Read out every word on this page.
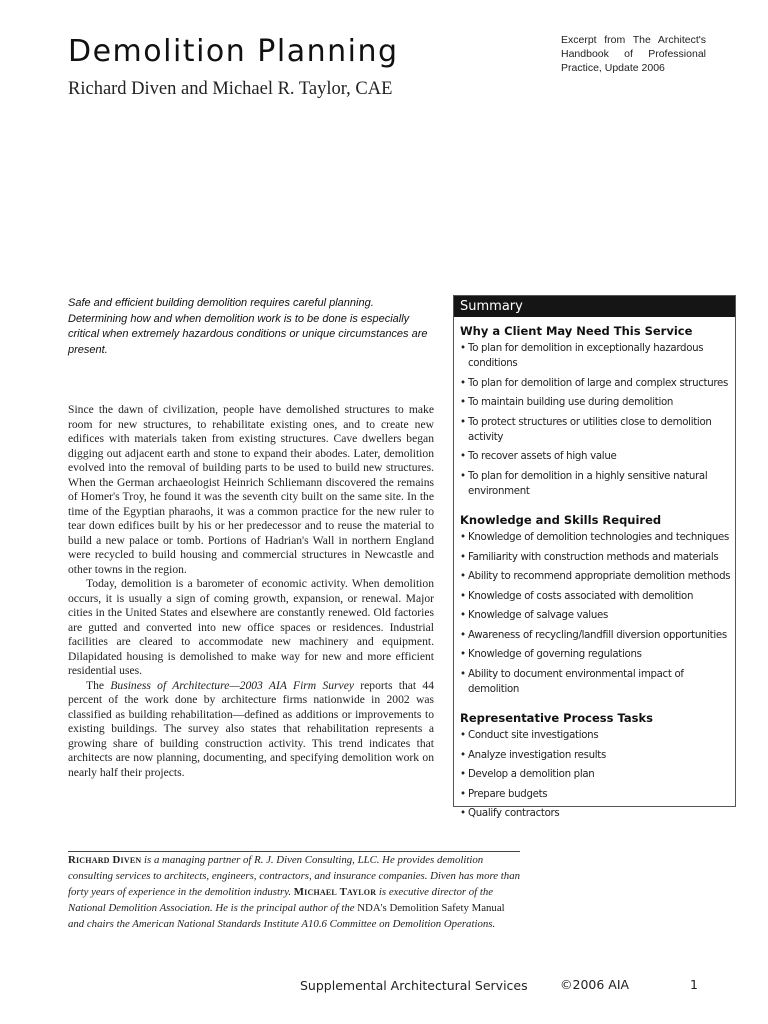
Demolition Planning
Richard Diven and Michael R. Taylor, CAE
Excerpt from The Architect's Handbook of Professional Practice, Update 2006
Safe and efficient building demolition requires careful planning. Determining how and when demolition work is to be done is especially critical when extremely hazardous conditions or unique circumstances are present.

Since the dawn of civilization, people have demolished structures to make room for new structures, to rehabilitate existing ones, and to create new edifices with materials taken from existing structures. Cave dwellers began digging out adjacent earth and stone to expand their abodes. Later, demolition evolved into the removal of building parts to be used to build new structures. When the German archaeologist Heinrich Schliemann discovered the remains of Homer's Troy, he found it was the seventh city built on the same site. In the time of the Egyptian pharaohs, it was a common practice for the new ruler to tear down edifices built by his or her predecessor and to reuse the material to build a new palace or tomb. Portions of Hadrian's Wall in northern England were recycled to build housing and commercial structures in Newcastle and other towns in the region.

Today, demolition is a barometer of economic activity. When demolition occurs, it is usually a sign of coming growth, expansion, or renewal. Major cities in the United States and elsewhere are constantly renewed. Old factories are gutted and converted into new office spaces or residences. Industrial facilities are cleared to accommodate new machinery and equipment. Dilapidated housing is demolished to make way for new and more efficient residential uses.

The Business of Architecture—2003 AIA Firm Survey reports that 44 percent of the work done by architecture firms nationwide in 2002 was classified as building rehabilitation—defined as additions or improvements to existing buildings. The survey also states that rehabilitation represents a growing share of building construction activity. This trend indicates that architects are now planning, documenting, and specifying demolition work on nearly half their projects.

Summary
Why a Client May Need This Service
• To plan for demolition in exceptionally hazardous conditions
• To plan for demolition of large and complex structures
• To maintain building use during demolition
• To protect structures or utilities close to demolition activity
• To recover assets of high value
• To plan for demolition in a highly sensitive natural environment
Knowledge and Skills Required
• Knowledge of demolition technologies and techniques
• Familiarity with construction methods and materials
• Ability to recommend appropriate demolition methods
• Knowledge of costs associated with demolition
• Knowledge of salvage values
• Awareness of recycling/landfill diversion opportunities
• Knowledge of governing regulations
• Ability to document environmental impact of demolition
Representative Process Tasks
• Conduct site investigations
• Analyze investigation results
• Develop a demolition plan
• Prepare budgets
• Qualify contractors
Richard Diven is a managing partner of R. J. Diven Consulting, LLC. He provides demolition consulting services to architects, engineers, contractors, and insurance companies. Diven has more than forty years of experience in the demolition industry. Michael Taylor is executive director of the National Demolition Association. He is the principal author of the NDA's Demolition Safety Manual and chairs the American National Standards Institute A10.6 Committee on Demolition Operations.
Supplemental Architectural Services	©2006 AIA	1
